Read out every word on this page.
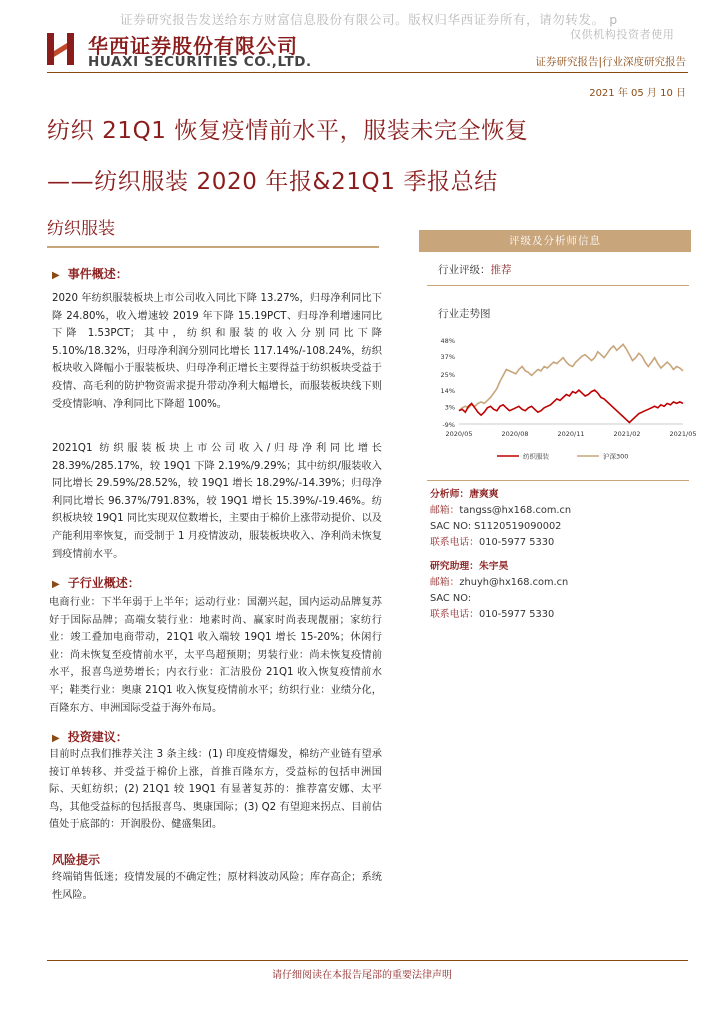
证券研究报告发送给东方财富信息股份有限公司。版权归华西证券所有，请勿转发。 p
仅供机构投资者使用
华西证券股份有限公司
HUAXI SECURITIES CO.,LTD.	证券研究报告|行业深度研究报告
2021 年 05 月 10 日
纺织 21Q1 恢复疫情前水平，服装未完全恢复
——纺织服装 2020 年报&21Q1 季报总结
纺织服装
▶ 事件概述：
2020 年纺织服装板块上市公司收入同比下降 13.27%，归母净利同比下降 24.80%，收入增速较 2019 年下降 15.19PCT、归母净利增速同比下降 1.53PCT；其中，纺织和服装的收入分别同比下降 5.10%/18.32%，归母净利润分别同比增长 117.14%/-108.24%，纺织板块收入降幅小于服装板块、归母净利正增长主要得益于纺织板块受益于疫情、高毛利的防护物资需求提升带动净利大幅增长，而服装板块线下则受疫情影响、净利同比下降超 100%。
2021Q1 纺织服装板块上市公司收入/归母净利同比增长 28.39%/285.17%，较 19Q1 下降 2.19%/9.29%；其中纺织/服装收入同比增长 29.59%/28.52%，较 19Q1 增长 18.29%/-14.39%；归母净利同比增长 96.37%/791.83%，较 19Q1 增长 15.39%/-19.46%。纺织板块较 19Q1 同比实现双位数增长，主要由于棉价上涨带动提价、以及产能利用率恢复，而受制于 1 月疫情波动，服装板块收入、净利尚未恢复到疫情前水平。
▶ 子行业概述：
电商行业：下半年弱于上半年；运动行业：国潮兴起，国内运动品牌复苏好于国际品牌；高端女装行业：地素时尚、赢家时尚表现靓丽；家纺行业：竣工叠加电商带动，21Q1 收入端较 19Q1 增长 15-20%；休闲行业：尚未恢复至疫情前水平，太平鸟超预期；男装行业：尚未恢复疫情前水平，报喜鸟逆势增长；内衣行业：汇洁股份 21Q1 收入恢复疫情前水平；鞋类行业：奥康 21Q1 收入恢复疫情前水平；纺织行业：业绩分化，百隆东方、申洲国际受益于海外布局。
▶ 投资建议：
目前时点我们推荐关注 3 条主线：(1) 印度疫情爆发，棉纺产业链有望承接订单转移、并受益于棉价上涨，首推百隆东方，受益标的包括申洲国际、天虹纺织；(2) 21Q1 较 19Q1 有显著复苏的：推荐富安娜、太平鸟，其他受益标的包括报喜鸟、奥康国际；(3) Q2 有望迎来拐点、目前估值处于底部的：开润股份、健盛集团。
风险提示
终端销售低迷；疫情发展的不确定性；原材料波动风险；库存高企；系统性风险。
评级及分析师信息
行业评级：推荐
行业走势图
-9%
3%
14%
25%
37%
48%
2020/05	2020/08	2020/11	2021/02	2021/05
纺织服装	沪深300
分析师：唐爽爽
邮箱：tangss@hx168.com.cn
SAC NO: S1120519090002
联系电话：010-5977 5330
研究助理：朱宇昊
邮箱：zhuyh@hx168.com.cn
SAC NO:
联系电话：010-5977 5330
请仔细阅读在本报告尾部的重要法律声明
